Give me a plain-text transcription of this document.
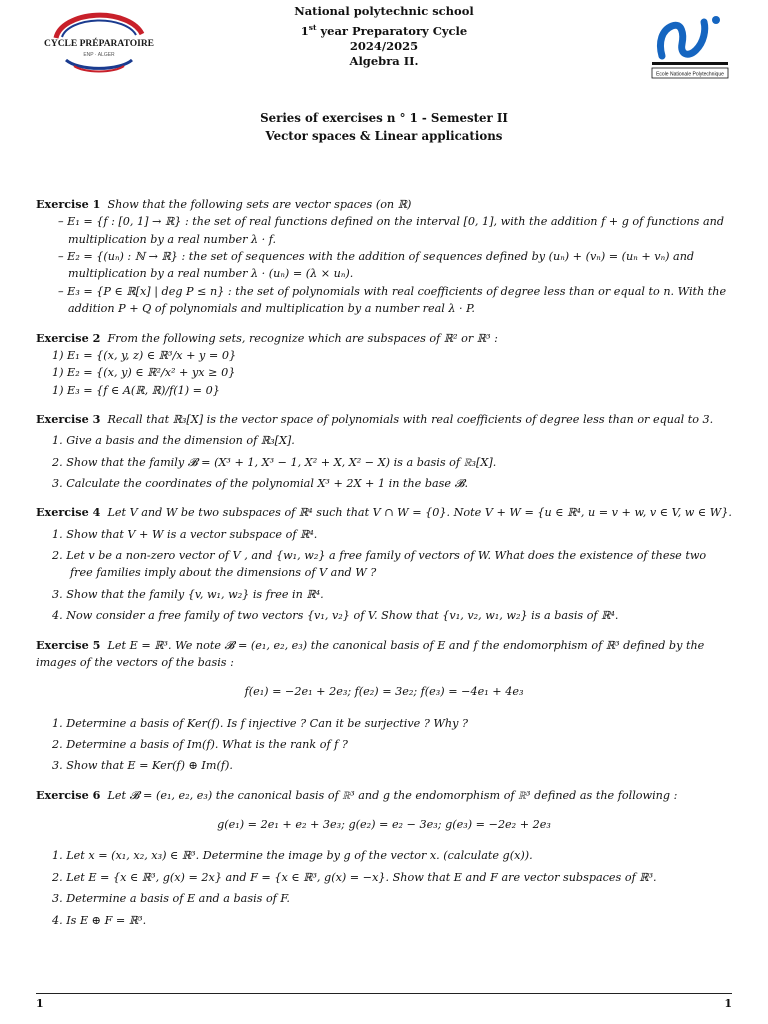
CYCLE PRÉPARATOIRE
ENP · ALGER
National polytechnic school
1st year Preparatory Cycle
2024/2025
Algebra II.
Ecole Nationale Polytechnique
Series of exercises n ° 1 - Semester II
Vector spaces & Linear applications
Exercise 1 Show that the following sets are vector spaces (on ℝ)

– E₁ = {f : [0, 1] → ℝ} : the set of real functions defined on the interval [0, 1], with the addition f + g of functions and multiplication by a real number λ · f.

– E₂ = {(uₙ) : ℕ → ℝ} : the set of sequences with the addition of sequences defined by (uₙ) + (vₙ) = (uₙ + vₙ) and multiplication by a real number λ · (uₙ) = (λ × uₙ).

– E₃ = {P ∈ ℝ[x] | deg P ≤ n} : the set of polynomials with real coefficients of degree less than or equal to n. With the addition P + Q of polynomials and multiplication by a number real λ · P.

Exercise 2 From the following sets, recognize which are subspaces of ℝ² or ℝ³ :
1) E₁ = {(x, y, z) ∈ ℝ³/x + y = 0}
1) E₂ = {(x, y) ∈ ℝ²/x² + yx ≥ 0}
1) E₃ = {f ∈ A(ℝ, ℝ)/f(1) = 0}
Exercise 3 Recall that ℝ₃[X] is the vector space of polynomials with real coefficients of degree less than or equal to 3.
1. Give a basis and the dimension of ℝ₃[X].
2. Show that the family 𝓑 = (X³ + 1, X³ − 1, X² + X, X² − X) is a basis of ℝ₃[X].
3. Calculate the coordinates of the polynomial X³ + 2X + 1 in the base 𝓑.
Exercise 4 Let V and W be two subspaces of ℝ⁴ such that V ∩ W = {0}. Note V + W = {u ∈ ℝ⁴, u = v + w, v ∈ V, w ∈ W}.
1. Show that V + W is a vector subspace of ℝ⁴.
2. Let v be a non-zero vector of V , and {w₁, w₂} a free family of vectors of W. What does the existence of these two free families imply about the dimensions of V and W ?
3. Show that the family {v, w₁, w₂} is free in ℝ⁴.
4. Now consider a free family of two vectors {v₁, v₂} of V. Show that {v₁, v₂, w₁, w₂} is a basis of ℝ⁴.
Exercise 5 Let E = ℝ³. We note 𝓑 = (e₁, e₂, e₃) the canonical basis of E and f the endomorphism of ℝ³ defined by the images of the vectors of the basis :
f(e₁) = −2e₁ + 2e₃; f(e₂) = 3e₂; f(e₃) = −4e₁ + 4e₃
1. Determine a basis of Ker(f). Is f injective ? Can it be surjective ? Why ?
2. Determine a basis of Im(f). What is the rank of f ?
3. Show that E = Ker(f) ⊕ Im(f).
Exercise 6 Let 𝓑 = (e₁, e₂, e₃) the canonical basis of ℝ³ and g the endomorphism of ℝ³ defined as the following :
g(e₁) = 2e₁ + e₂ + 3e₃; g(e₂) = e₂ − 3e₃; g(e₃) = −2e₂ + 2e₃
1. Let x = (x₁, x₂, x₃) ∈ ℝ³. Determine the image by g of the vector x. (calculate g(x)).
2. Let E = {x ∈ ℝ³, g(x) = 2x} and F = {x ∈ ℝ³, g(x) = −x}. Show that E and F are vector subspaces of ℝ³.
3. Determine a basis of E and a basis of F.
4. Is E ⊕ F = ℝ³.
1	1
